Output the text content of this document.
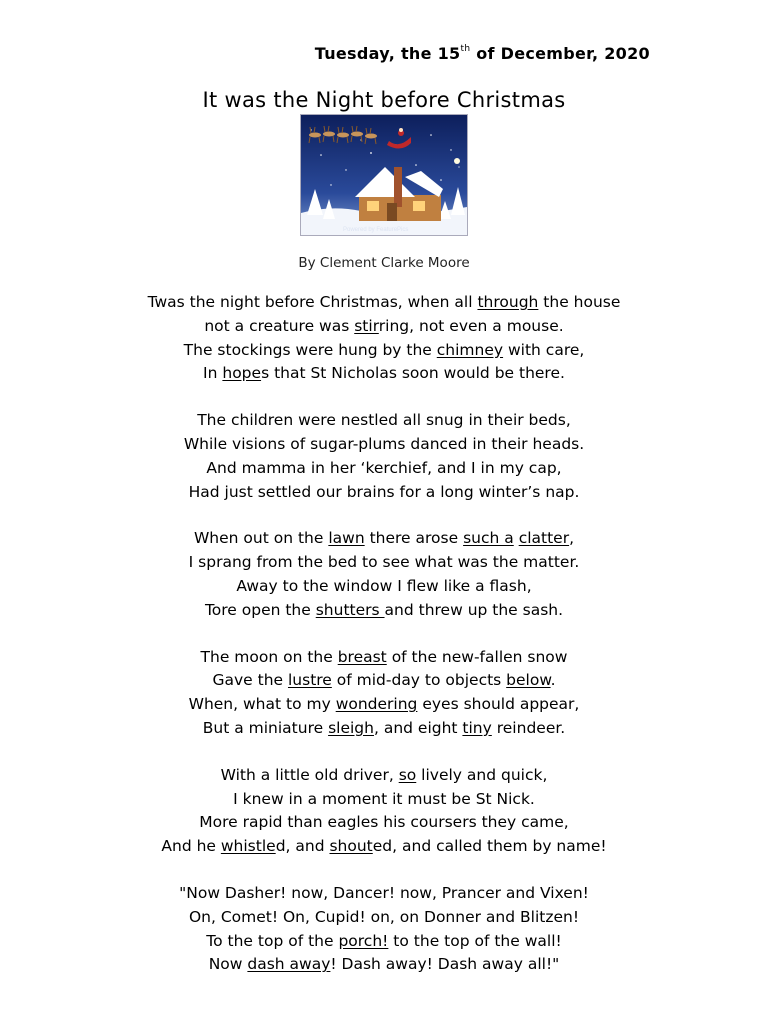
Tuesday, the 15th of December, 2020
It was the Night before Christmas
Powered by FeaturePics
By Clement Clarke Moore
Twas the night before Christmas, when all through the house
not a creature was stirring, not even a mouse.
The stockings were hung by the chimney with care,
In hopes that St Nicholas soon would be there.
The children were nestled all snug in their beds,
While visions of sugar-plums danced in their heads.
And mamma in her ‘kerchief, and I in my cap,
Had just settled our brains for a long winter’s nap.
When out on the lawn there arose such a clatter,
I sprang from the bed to see what was the matter.
Away to the window I flew like a flash,
Tore open the shutters and threw up the sash.
The moon on the breast of the new-fallen snow
Gave the lustre of mid-day to objects below.
When, what to my wondering eyes should appear,
But a miniature sleigh, and eight tiny reindeer.
With a little old driver, so lively and quick,
I knew in a moment it must be St Nick.
More rapid than eagles his coursers they came,
And he whistled, and shouted, and called them by name!
"Now Dasher! now, Dancer! now, Prancer and Vixen!
On, Comet! On, Cupid! on, on Donner and Blitzen!
To the top of the porch! to the top of the wall!
Now dash away! Dash away! Dash away all!"
